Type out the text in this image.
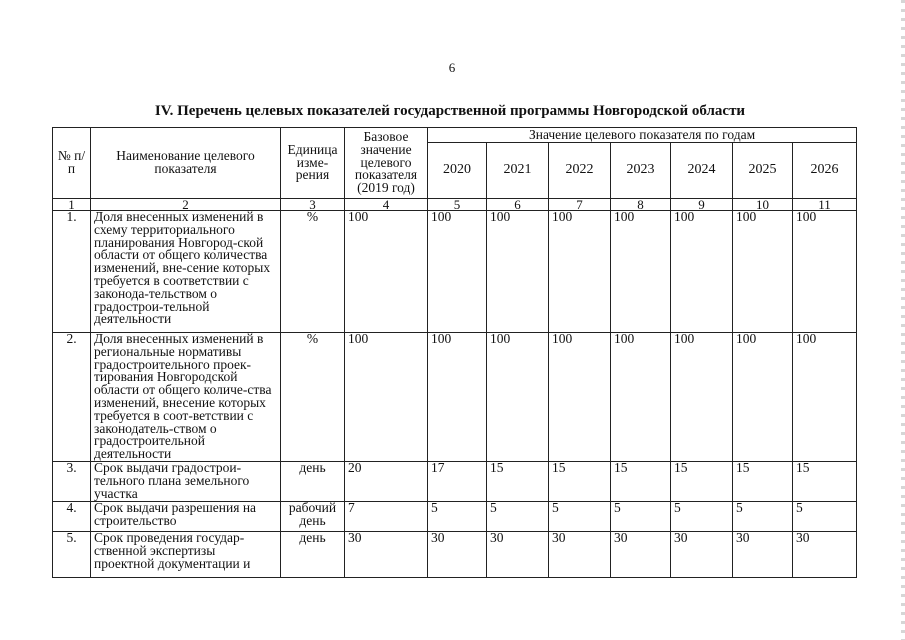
6
IV. Перечень целевых показателей государственной программы Новгородской области
№ п/п	Наименование целевого показателя	Единица изме-рения	Базовое значение целевого показателя (2019 год)	Значение целевого показателя по годам						
				2020	2021	2022	2023	2024	2025	2026
1	2	3	4	5	6	7	8	9	10	11
1.	Доля внесенных изменений в схему территориального планирования Новгород-ской области от общего количества изменений, вне-сение которых требуется в соответствии с законода-тельством о градострои-тельной деятельности	%	100	100	100	100	100	100	100	100
2.	Доля внесенных изменений в региональные нормативы градостроительного проек-тирования Новгородской области от общего количе-ства изменений, внесение которых требуется в соот-ветствии с законодатель-ством о градостроительной деятельности	%	100	100	100	100	100	100	100	100
3.	Срок выдачи градострои-тельного плана земельного участка	день	20	17	15	15	15	15	15	15
4.	Срок выдачи разрешения на строительство	рабочий день	7	5	5	5	5	5	5	5
5.	Срок проведения государ-ственной экспертизы проектной документации и	день	30	30	30	30	30	30	30	30
